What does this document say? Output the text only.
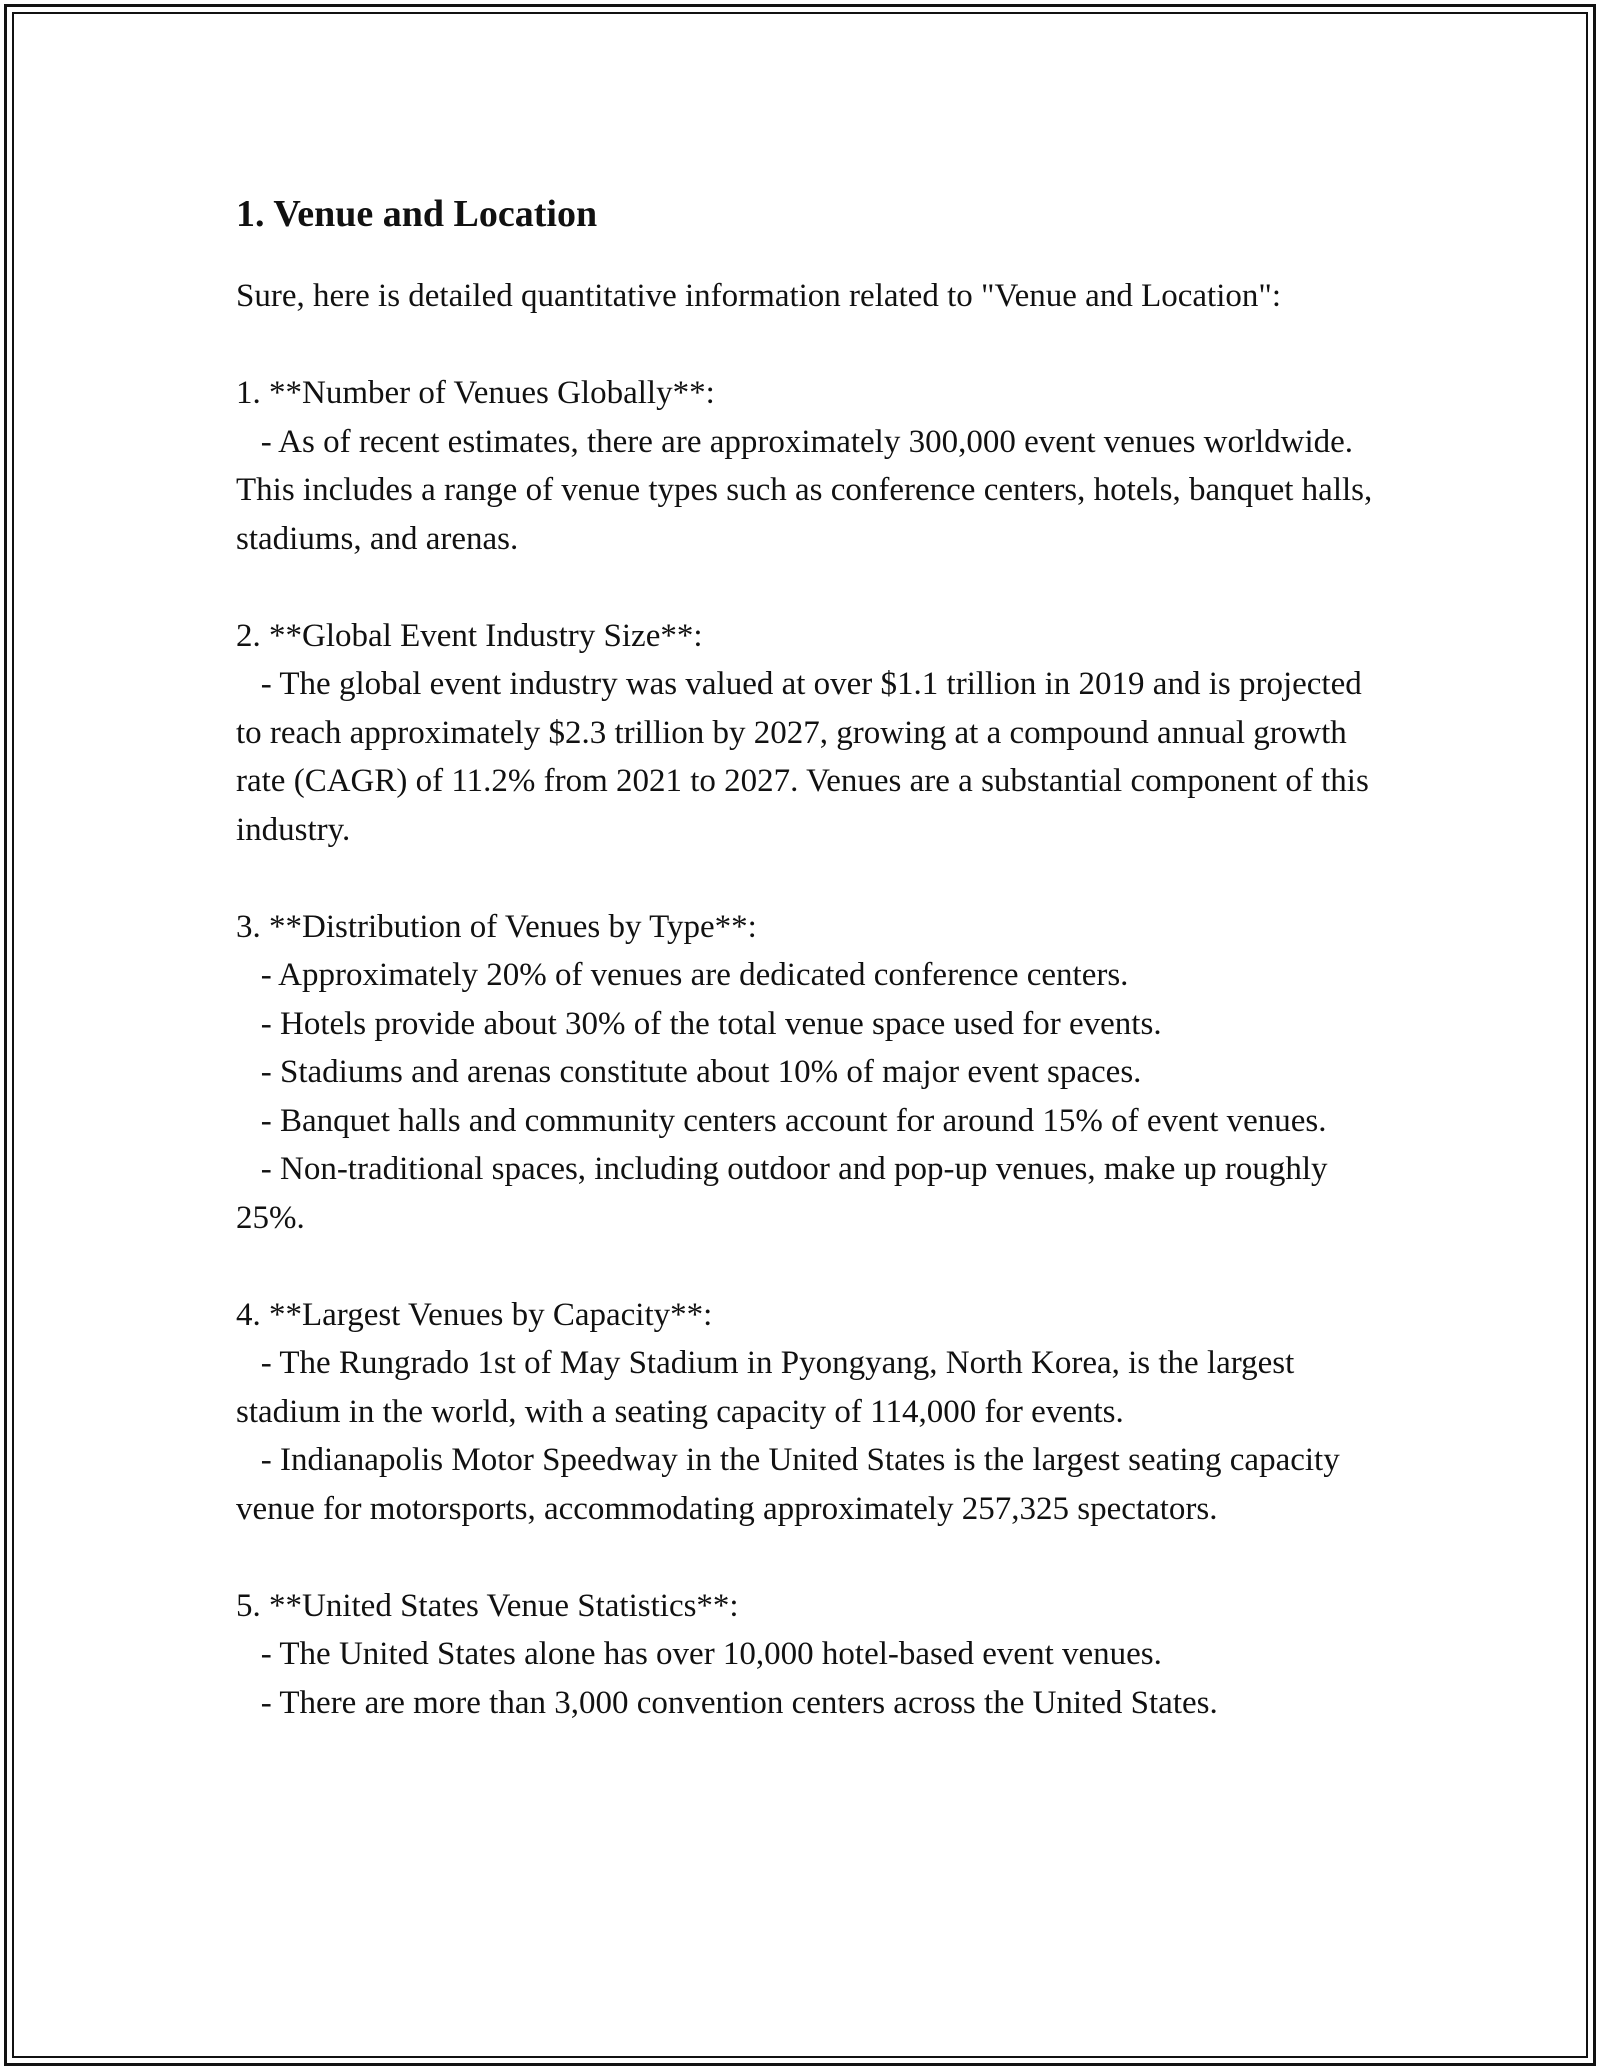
1. Venue and Location

Sure, here is detailed quantitative information related to "Venue and Location":

1. **Number of Venues Globally**:

- As of recent estimates, there are approximately 300,000 event venues worldwide. This includes a range of venue types such as conference centers, hotels, banquet halls, stadiums, and arenas.

2. **Global Event Industry Size**:

- The global event industry was valued at over $1.1 trillion in 2019 and is projected to reach approximately $2.3 trillion by 2027, growing at a compound annual growth rate (CAGR) of 11.2% from 2021 to 2027. Venues are a substantial component of this industry.

3. **Distribution of Venues by Type**:

- Approximately 20% of venues are dedicated conference centers.

- Hotels provide about 30% of the total venue space used for events.

- Stadiums and arenas constitute about 10% of major event spaces.

- Banquet halls and community centers account for around 15% of event venues.

- Non-traditional spaces, including outdoor and pop-up venues, make up roughly 25%.

4. **Largest Venues by Capacity**:

- The Rungrado 1st of May Stadium in Pyongyang, North Korea, is the largest stadium in the world, with a seating capacity of 114,000 for events.

- Indianapolis Motor Speedway in the United States is the largest seating capacity venue for motorsports, accommodating approximately 257,325 spectators.

5. **United States Venue Statistics**:

- The United States alone has over 10,000 hotel-based event venues.

- There are more than 3,000 convention centers across the United States.
